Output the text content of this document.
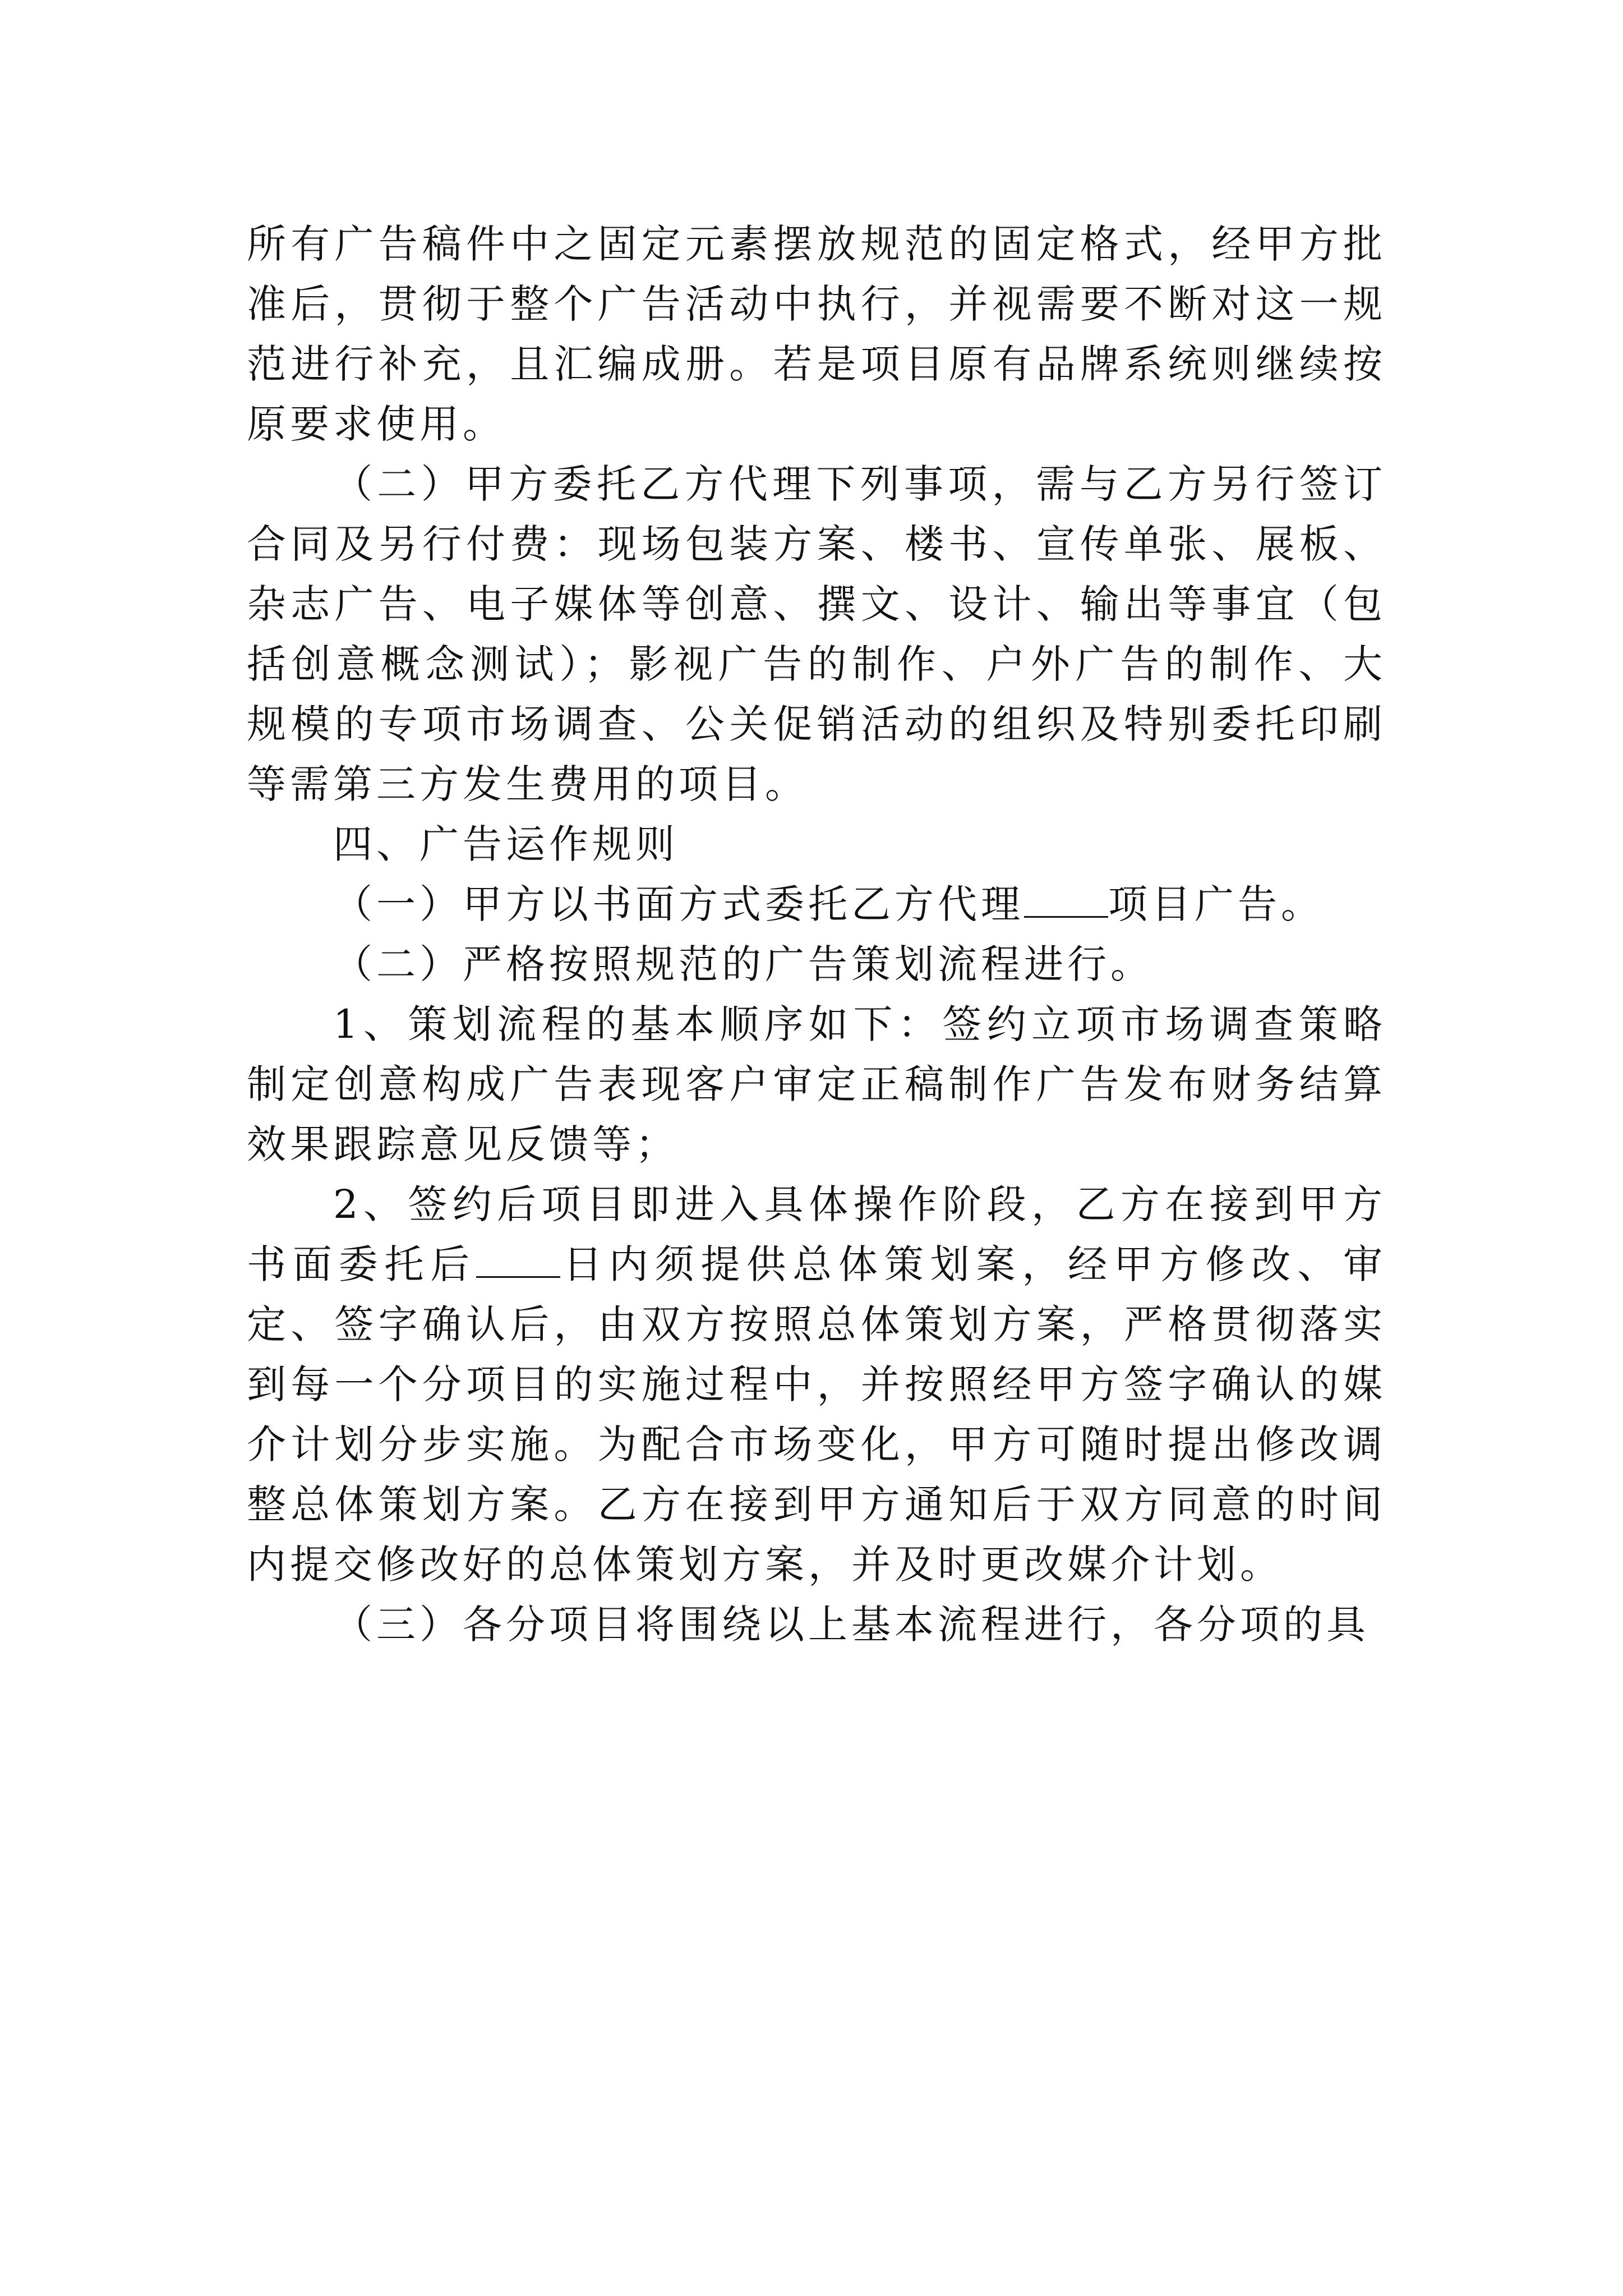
所有广告稿件中之固定元素摆放规范的固定格式，经甲方批准后，贯彻于整个广告活动中执行，并视需要不断对这一规范进行补充，且汇编成册。若是项目原有品牌系统则继续按原要求使用。

（二）甲方委托乙方代理下列事项，需与乙方另行签订合同及另行付费：现场包装方案、楼书、宣传单张、展板、杂志广告、电子媒体等创意、撰文、设计、输出等事宜（包括创意概念测试）；影视广告的制作、户外广告的制作、大规模的专项市场调查、公关促销活动的组织及特别委托印刷等需第三方发生费用的项目。

四、广告运作规则

（一）甲方以书面方式委托乙方代理 项目广告。

（二）严格按照规范的广告策划流程进行。

1、策划流程的基本顺序如下：签约立项市场调查策略制定创意构成广告表现客户审定正稿制作广告发布财务结算效果跟踪意见反馈等；

2、签约后项目即进入具体操作阶段，乙方在接到甲方书面委托后 日内须提供总体策划案，经甲方修改、审定、签字确认后，由双方按照总体策划方案，严格贯彻落实到每一个分项目的实施过程中，并按照经甲方签字确认的媒介计划分步实施。为配合市场变化，甲方可随时提出修改调整总体策划方案。乙方在接到甲方通知后于双方同意的时间内提交修改好的总体策划方案，并及时更改媒介计划。

（三）各分项目将围绕以上基本流程进行，各分项的具
